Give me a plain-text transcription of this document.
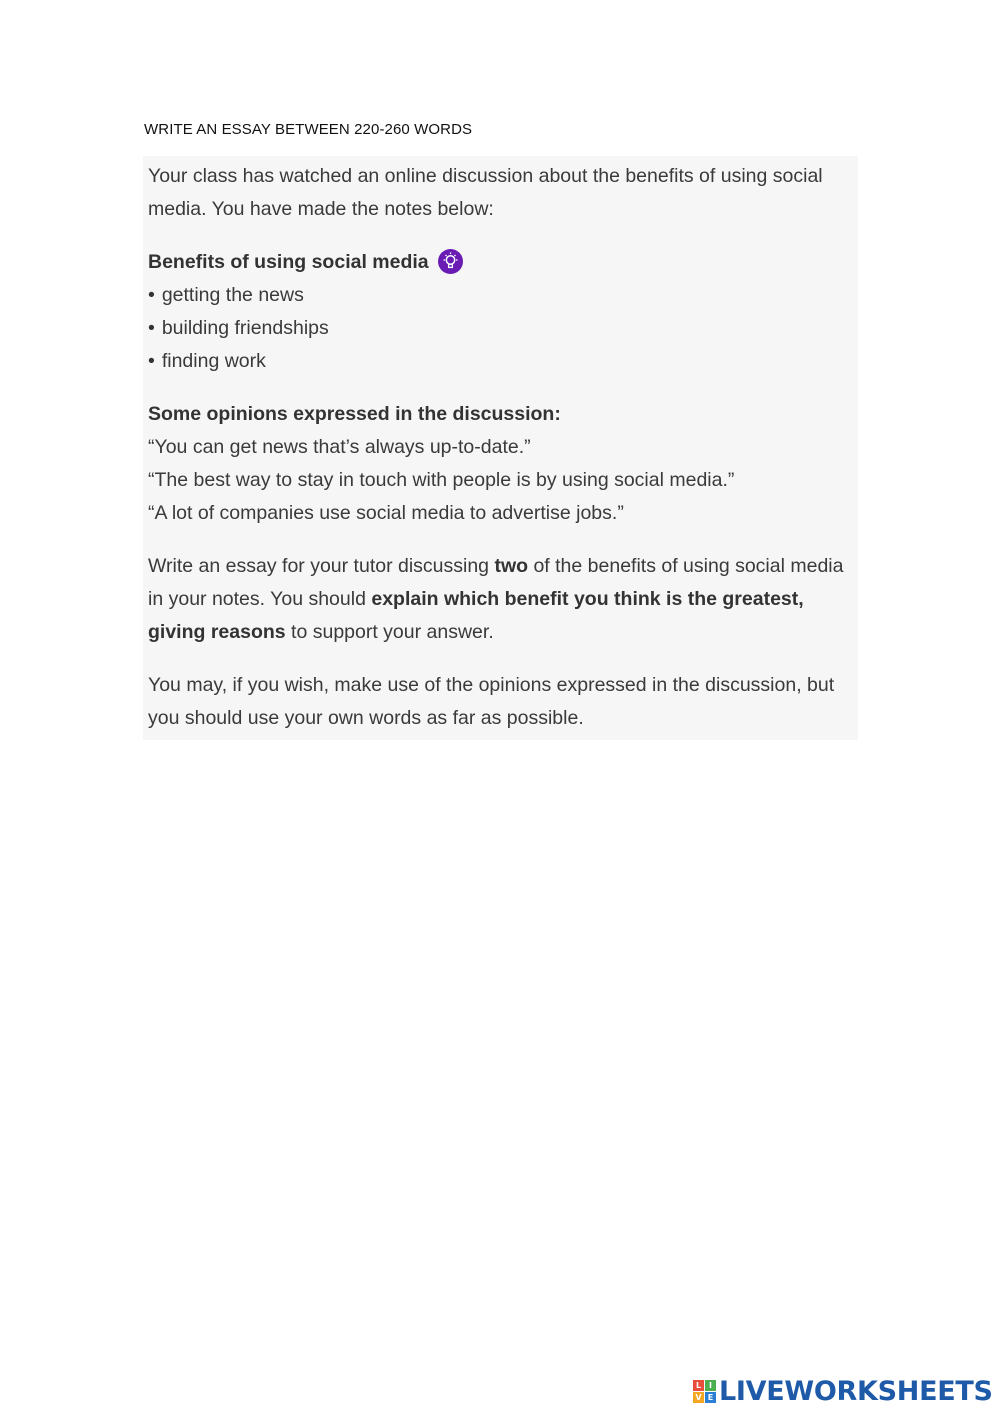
WRITE AN ESSAY BETWEEN 220-260 WORDS

Your class has watched an online discussion about the benefits of using social media. You have made the notes below:

Benefits of using social media

• getting the news

• building friendships

• finding work

Some opinions expressed in the discussion:

“You can get news that’s always up-to-date.”

“The best way to stay in touch with people is by using social media.”

“A lot of companies use social media to advertise jobs.”

Write an essay for your tutor discussing two of the benefits of using social media in your notes. You should explain which benefit you think is the greatest, giving reasons to support your answer.

You may, if you wish, make use of the opinions expressed in the discussion, but you should use your own words as far as possible.

L I
V E LIVEWORKSHEETS
